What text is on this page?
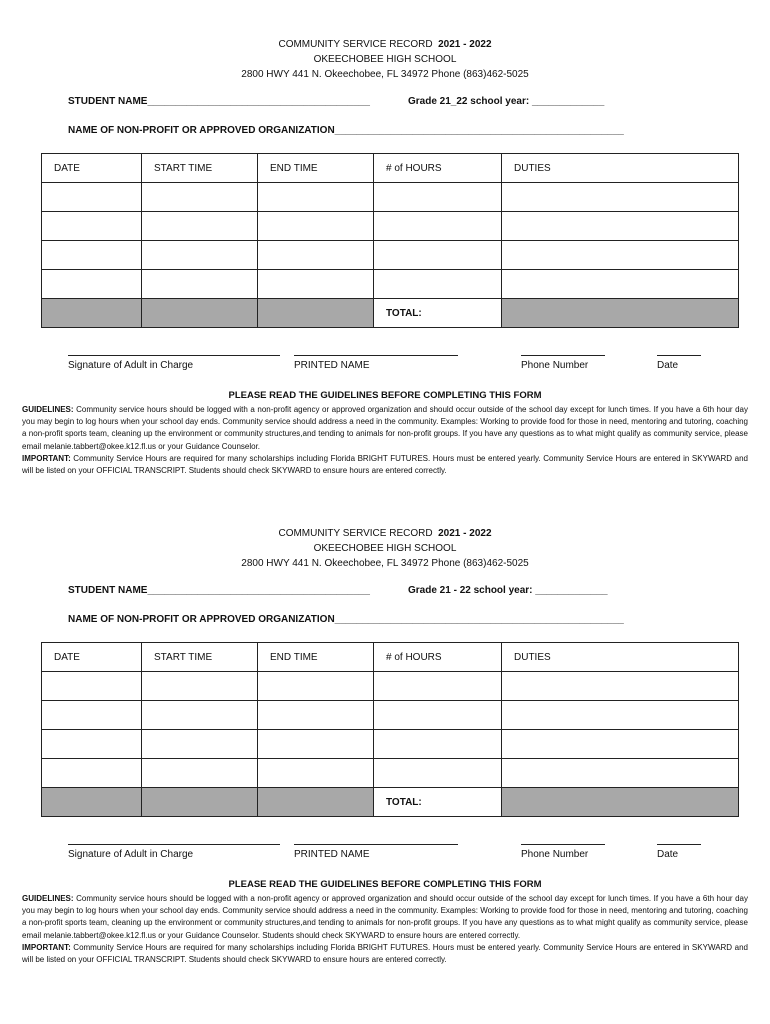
COMMUNITY SERVICE RECORD 2021 - 2022
OKEECHOBEE HIGH SCHOOL
2800 HWY 441 N. Okeechobee, FL 34972 Phone (863)462-5025
STUDENT NAME________________________________________	Grade 21_22 school year: _____________
NAME OF NON-PROFIT OR APPROVED ORGANIZATION____________________________________________________
DATE	START TIME	END TIME	# of HOURS	DUTIES

			TOTAL:	
Signature of Adult in Charge	PRINTED NAME	Phone Number	Date
PLEASE READ THE GUIDELINES BEFORE COMPLETING THIS FORM
GUIDELINES: Community service hours should be logged with a non-profit agency or approved organization and should occur outside of the school day except for lunch times. If you have a 6th hour day you may begin to log hours when your school day ends. Community service should address a need in the community. Examples: Working to provide food for those in need, mentoring and tutoring, coaching a non-profit sports team, cleaning up the environment or community structures,and tending to animals for non-profit groups. If you have any questions as to what might qualify as community service, please email melanie.tabbert@okee.k12.fl.us or your Guidance Counselor.
IMPORTANT: Community Service Hours are required for many scholarships including Florida BRIGHT FUTURES. Hours must be entered yearly. Community Service Hours are entered in SKYWARD and will be listed on your OFFICIAL TRANSCRIPT. Students should check SKYWARD to ensure hours are entered correctly.
COMMUNITY SERVICE RECORD 2021 - 2022
OKEECHOBEE HIGH SCHOOL
2800 HWY 441 N. Okeechobee, FL 34972 Phone (863)462-5025
STUDENT NAME________________________________________	Grade 21 - 22 school year: _____________
NAME OF NON-PROFIT OR APPROVED ORGANIZATION____________________________________________________
DATE	START TIME	END TIME	# of HOURS	DUTIES

			TOTAL:	
Signature of Adult in Charge	PRINTED NAME	Phone Number	Date
PLEASE READ THE GUIDELINES BEFORE COMPLETING THIS FORM
GUIDELINES: Community service hours should be logged with a non-profit agency or approved organization and should occur outside of the school day except for lunch times. If you have a 6th hour day you may begin to log hours when your school day ends. Community service should address a need in the community. Examples: Working to provide food for those in need, mentoring and tutoring, coaching a non-profit sports team, cleaning up the environment or community structures,and tending to animals for non-profit groups. If you have any questions as to what might qualify as community service, please email melanie.tabbert@okee.k12.fl.us or your Guidance Counselor. Students should check SKYWARD to ensure hours are entered correctly.
IMPORTANT: Community Service Hours are required for many scholarships including Florida BRIGHT FUTURES. Hours must be entered yearly. Community Service Hours are entered in SKYWARD and will be listed on your OFFICIAL TRANSCRIPT. Students should check SKYWARD to ensure hours are entered correctly.
